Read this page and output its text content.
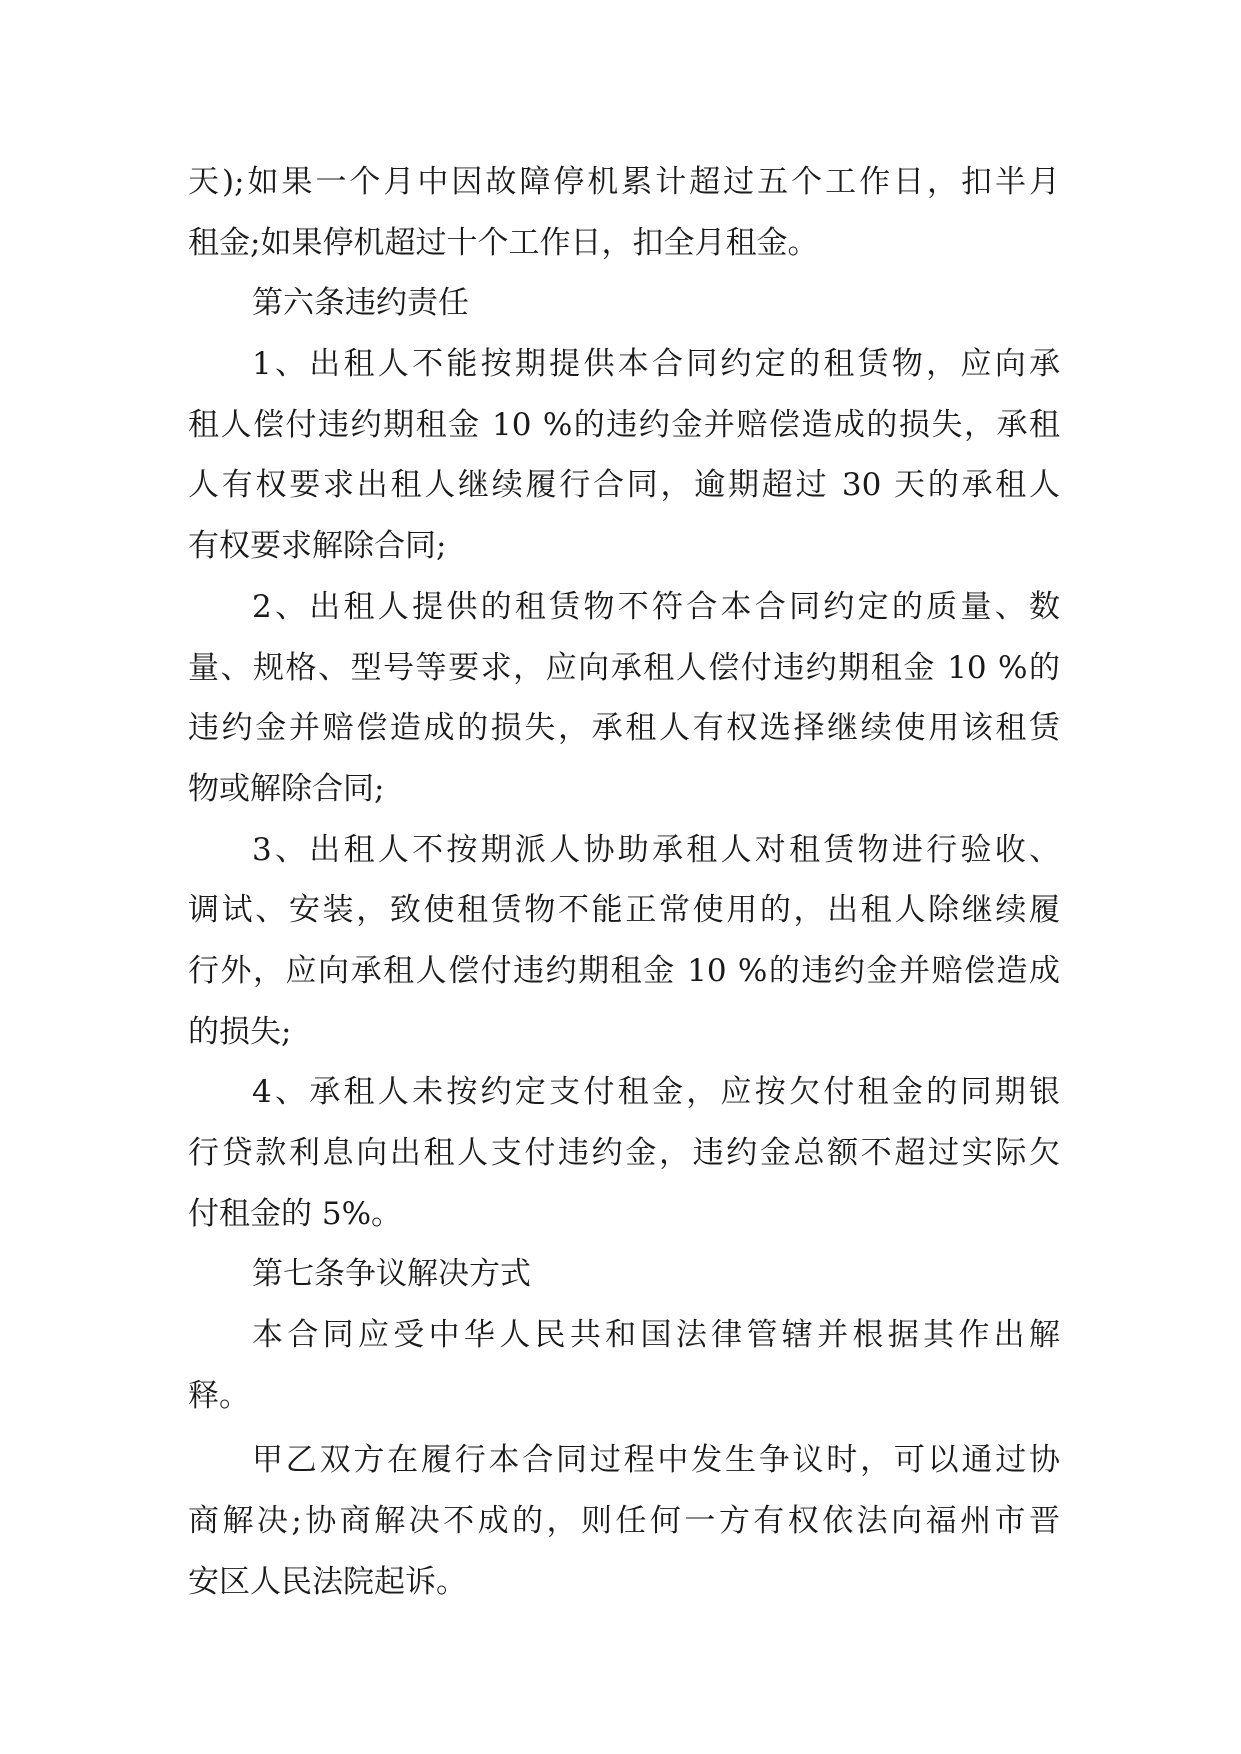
天);如果一个月中因故障停机累计超过五个工作日，扣半月
租金;如果停机超过十个工作日，扣全月租金。
第六条违约责任
1、出租人不能按期提供本合同约定的租赁物，应向承
租人偿付违约期租金 10 %的违约金并赔偿造成的损失，承租
人有权要求出租人继续履行合同，逾期超过 30 天的承租人
有权要求解除合同;
2、出租人提供的租赁物不符合本合同约定的质量、数
量、规格、型号等要求，应向承租人偿付违约期租金 10 %的
违约金并赔偿造成的损失，承租人有权选择继续使用该租赁
物或解除合同;
3、出租人不按期派人协助承租人对租赁物进行验收、
调试、安装，致使租赁物不能正常使用的，出租人除继续履
行外，应向承租人偿付违约期租金 10 %的违约金并赔偿造成
的损失;
4、承租人未按约定支付租金，应按欠付租金的同期银
行贷款利息向出租人支付违约金，违约金总额不超过实际欠
付租金的 5%。
第七条争议解决方式
本合同应受中华人民共和国法律管辖并根据其作出解
释。
甲乙双方在履行本合同过程中发生争议时，可以通过协
商解决;协商解决不成的，则任何一方有权依法向福州市晋
安区人民法院起诉。
